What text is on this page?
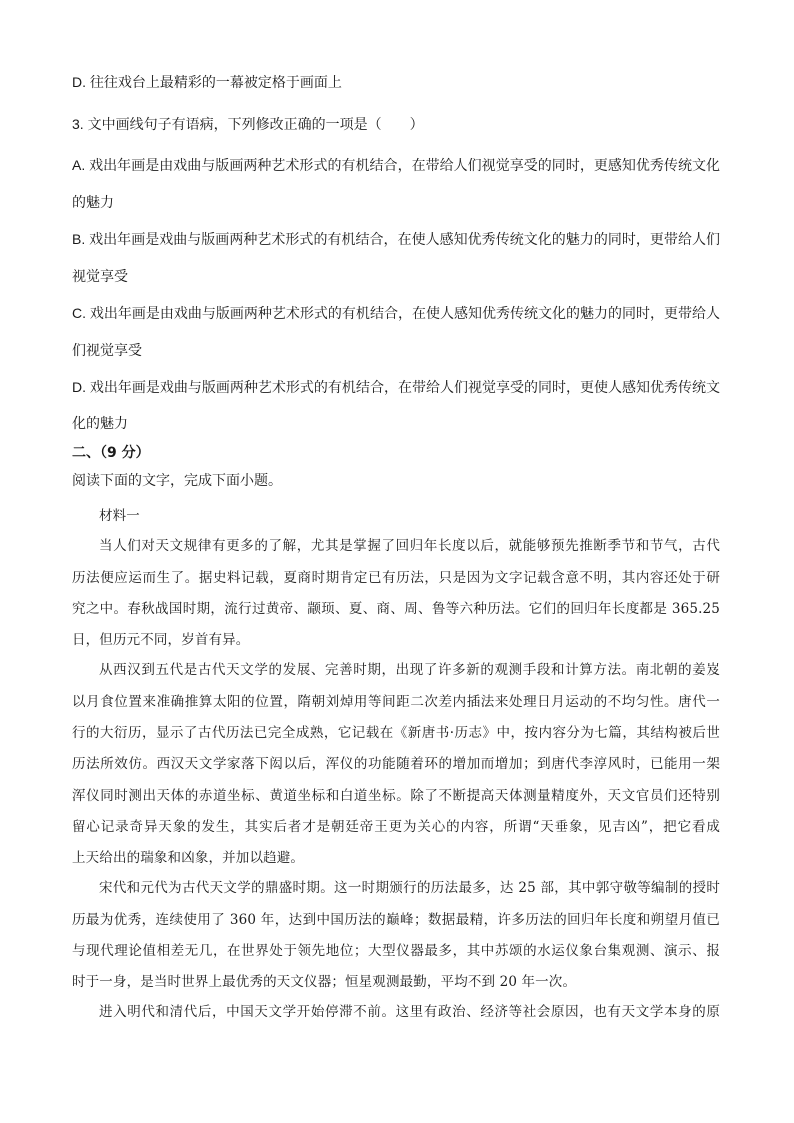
D. 往往戏台上最精彩的一幕被定格于画面上
3. 文中画线句子有语病，下列修改正确的一项是（　　）
A. 戏出年画是由戏曲与版画两种艺术形式的有机结合，在带给人们视觉享受的同时，更感知优秀传统文化
的魅力
B. 戏出年画是戏曲与版画两种艺术形式的有机结合，在使人感知优秀传统文化的魅力的同时，更带给人们
视觉享受
C. 戏出年画是由戏曲与版画两种艺术形式的有机结合，在使人感知优秀传统文化的魅力的同时，更带给人
们视觉享受
D. 戏出年画是戏曲与版画两种艺术形式的有机结合，在带给人们视觉享受的同时，更使人感知优秀传统文
化的魅力
二、（9 分）
阅读下面的文字，完成下面小题。
材料一
当人们对天文规律有更多的了解，尤其是掌握了回归年长度以后，就能够预先推断季节和节气，古代
历法便应运而生了。据史料记载，夏商时期肯定已有历法，只是因为文字记载含意不明，其内容还处于研
究之中。春秋战国时期，流行过黄帝、颛顼、夏、商、周、鲁等六种历法。它们的回归年长度都是 365.25
日，但历元不同，岁首有异。
从西汉到五代是古代天文学的发展、完善时期，出现了许多新的观测手段和计算方法。南北朝的姜岌
以月食位置来准确推算太阳的位置，隋朝刘焯用等间距二次差内插法来处理日月运动的不均匀性。唐代一
行的大衍历，显示了古代历法已完全成熟，它记载在《新唐书·历志》中，按内容分为七篇，其结构被后世
历法所效仿。西汉天文学家落下闳以后，浑仪的功能随着环的增加而增加；到唐代李淳风时，已能用一架
浑仪同时测出天体的赤道坐标、黄道坐标和白道坐标。除了不断提高天体测量精度外，天文官员们还特别
留心记录奇异天象的发生，其实后者才是朝廷帝王更为关心的内容，所谓“天垂象，见吉凶”，把它看成
上天给出的瑞象和凶象，并加以趋避。
宋代和元代为古代天文学的鼎盛时期。这一时期颁行的历法最多，达 25 部，其中郭守敬等编制的授时
历最为优秀，连续使用了 360 年，达到中国历法的巅峰；数据最精，许多历法的回归年长度和朔望月值已
与现代理论值相差无几，在世界处于领先地位；大型仪器最多，其中苏颂的水运仪象台集观测、演示、报
时于一身，是当时世界上最优秀的天文仪器；恒星观测最勤，平均不到 20 年一次。
进入明代和清代后，中国天文学开始停滞不前。这里有政治、经济等社会原因，也有天文学本身的原
